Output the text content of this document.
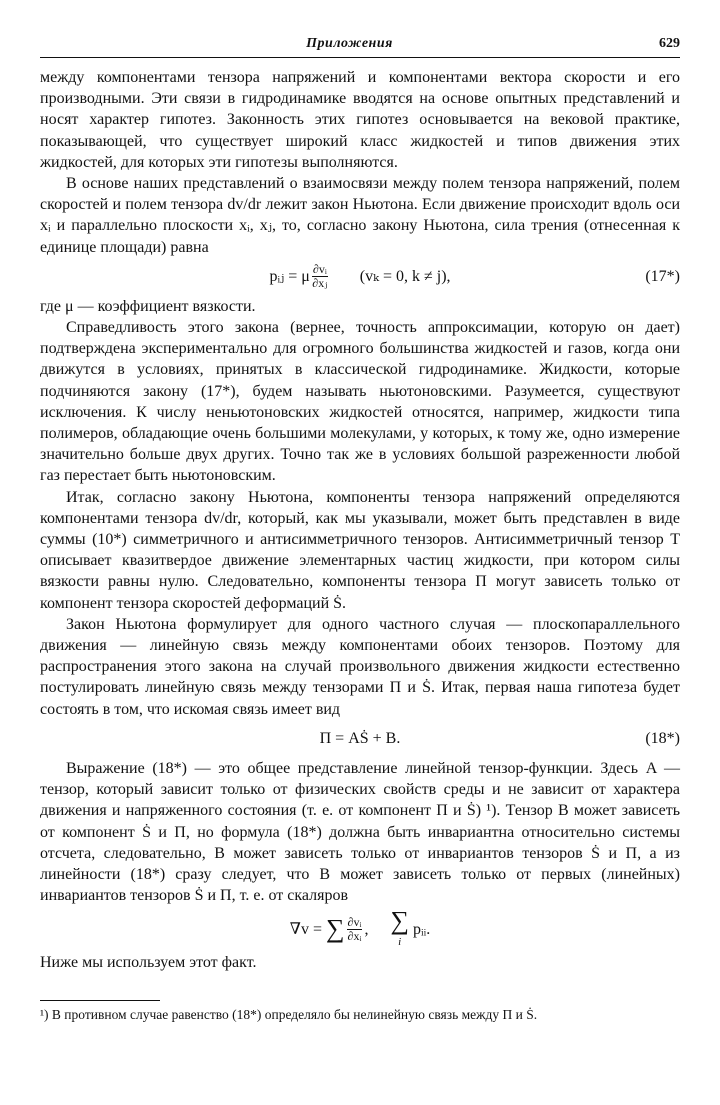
Приложения	629

между компонентами тензора напряжений и компонентами вектора скорости и его производными. Эти связи в гидродинамике вводятся на основе опытных представлений и носят характер гипотез. Законность этих гипотез основывается на вековой практике, показывающей, что существует широкий класс жидкостей и типов движения этих жидкостей, для которых эти гипотезы выполняются.

В основе наших представлений о взаимосвязи между полем тензора напряжений, полем скоростей и полем тензора dv/dr лежит закон Ньютона. Если движение происходит вдоль оси xᵢ и параллельно плоскости xᵢ, xⱼ, то, согласно закону Ньютона, сила трения (отнесенная к единице площади) равна

pᵢⱼ = μ $\frac{\text{∂vᵢ}}{\text{∂xⱼ}} (v_k = 0$, k ≠ j),	(17*)

где μ — коэффициент вязкости.

Справедливость этого закона (вернее, точность аппроксимации, которую он дает) подтверждена экспериментально для огромного большинства жидкостей и газов, когда они движутся в условиях, принятых в классической гидродинамике. Жидкости, которые подчиняются закону (17*), будем называть ньютоновскими. Разумеется, существуют исключения. К числу неньютоновских жидкостей относятся, например, жидкости типа полимеров, обладающие очень большими молекулами, у которых, к тому же, одно измерение значительно больше двух других. Точно так же в условиях большой разреженности любой газ перестает быть ньютоновским.

Итак, согласно закону Ньютона, компоненты тензора напряжений определяются компонентами тензора dv/dr, который, как мы указывали, может быть представлен в виде суммы (10*) симметричного и антисимметричного тензоров. Антисимметричный тензор T описывает квазитвердое движение элементарных частиц жидкости, при котором силы вязкости равны нулю. Следовательно, компоненты тензора Π могут зависеть только от компонент тензора скоростей деформаций Ṡ.

Закон Ньютона формулирует для одного частного случая — плоскопараллельного движения — линейную связь между компонентами обоих тензоров. Поэтому для распространения этого закона на случай произвольного движения жидкости естественно постулировать линейную связь между тензорами Π и Ṡ. Итак, первая наша гипотеза будет состоять в том, что искомая связь имеет вид

Π = AṠ + B.	(18*)

Выражение (18*) — это общее представление линейной тензор-функции. Здесь A — тензор, который зависит только от физических свойств среды и не зависит от характера движения и напряженного состояния (т. е. от компонент Π и Ṡ) ¹). Тензор B может зависеть от компонент Ṡ и Π, но формула (18*) должна быть инвариантна относительно системы отсчета, следовательно, B может зависеть только от инвариантов тензоров Ṡ и Π, а из линейности (18*) сразу следует, что B может зависеть только от первых (линейных) инвариантов тензоров Ṡ и Π, т. е. от скаляров

∇v = ∑ $\frac{\text{∂vᵢ}}{\text{∂xᵢ}}$ , ∑
i
pᵢᵢ.

Ниже мы используем этот факт.

¹) В противном случае равенство (18*) определяло бы нелинейную связь между Π и Ṡ.
